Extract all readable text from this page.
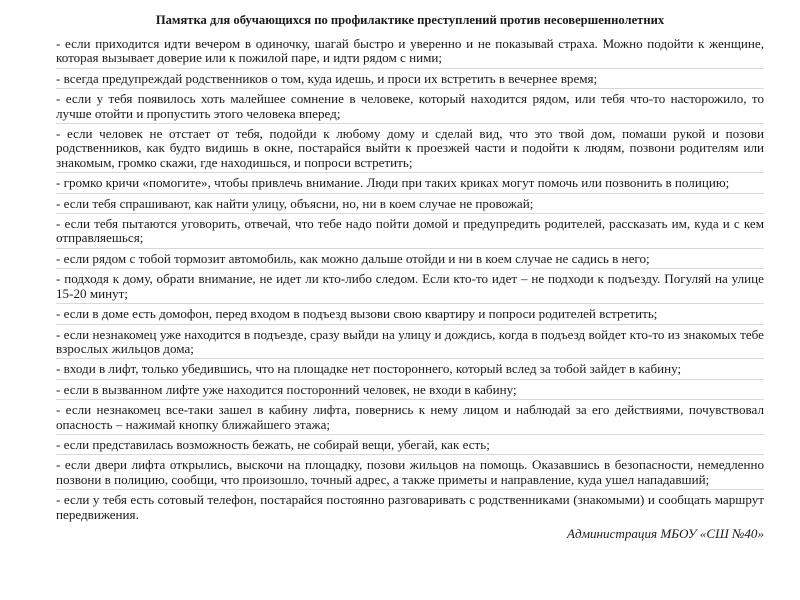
Памятка для обучающихся по профилактике преступлений против несовершеннолетних

- если приходится идти вечером в одиночку, шагай быстро и уверенно и не показывай страха. Можно подойти к женщине, которая вызывает доверие или к пожилой паре, и идти рядом с ними;

- всегда предупреждай родственников о том, куда идешь, и проси их встретить в вечернее время;

- если у тебя появилось хоть малейшее сомнение в человеке, который находится рядом, или тебя что-то насторожило, то лучше отойти и пропустить этого человека вперед;

- если человек не отстает от тебя, подойди к любому дому и сделай вид, что это твой дом, помаши рукой и позови родственников, как будто видишь в окне, постарайся выйти к проезжей части и подойти к людям, позвони родителям или знакомым, громко скажи, где находишься, и попроси встретить;

- громко кричи «помогите», чтобы привлечь внимание. Люди при таких криках могут помочь или позвонить в полицию;

- если тебя спрашивают, как найти улицу, объясни, но, ни в коем случае не провожай;

- если тебя пытаются уговорить, отвечай, что тебе надо пойти домой и предупредить родителей, рассказать им, куда и с кем отправляешься;

- если рядом с тобой тормозит автомобиль, как можно дальше отойди и ни в коем случае не садись в него;

- подходя к дому, обрати внимание, не идет ли кто-либо следом. Если кто-то идет – не подходи к подъезду. Погуляй на улице 15-20 минут;

- если в доме есть домофон, перед входом в подъезд вызови свою квартиру и попроси родителей встретить;

- если незнакомец уже находится в подъезде, сразу выйди на улицу и дождись, когда в подъезд войдет кто-то из знакомых тебе взрослых жильцов дома;

- входи в лифт, только убедившись, что на площадке нет постороннего, который вслед за тобой зайдет в кабину;

- если в вызванном лифте уже находится посторонний человек, не входи в кабину;

- если незнакомец все-таки зашел в кабину лифта, повернись к нему лицом и наблюдай за его действиями, почувствовал опасность – нажимай кнопку ближайшего этажа;

- если представилась возможность бежать, не собирай вещи, убегай, как есть;

- если двери лифта открылись, выскочи на площадку, позови жильцов на помощь. Оказавшись в безопасности, немедленно позвони в полицию, сообщи, что произошло, точный адрес, а также приметы и направление, куда ушел нападавший;

- если у тебя есть сотовый телефон, постарайся постоянно разговаривать с родственниками (знакомыми) и сообщать маршрут передвижения.

Администрация МБОУ «СШ №40»
